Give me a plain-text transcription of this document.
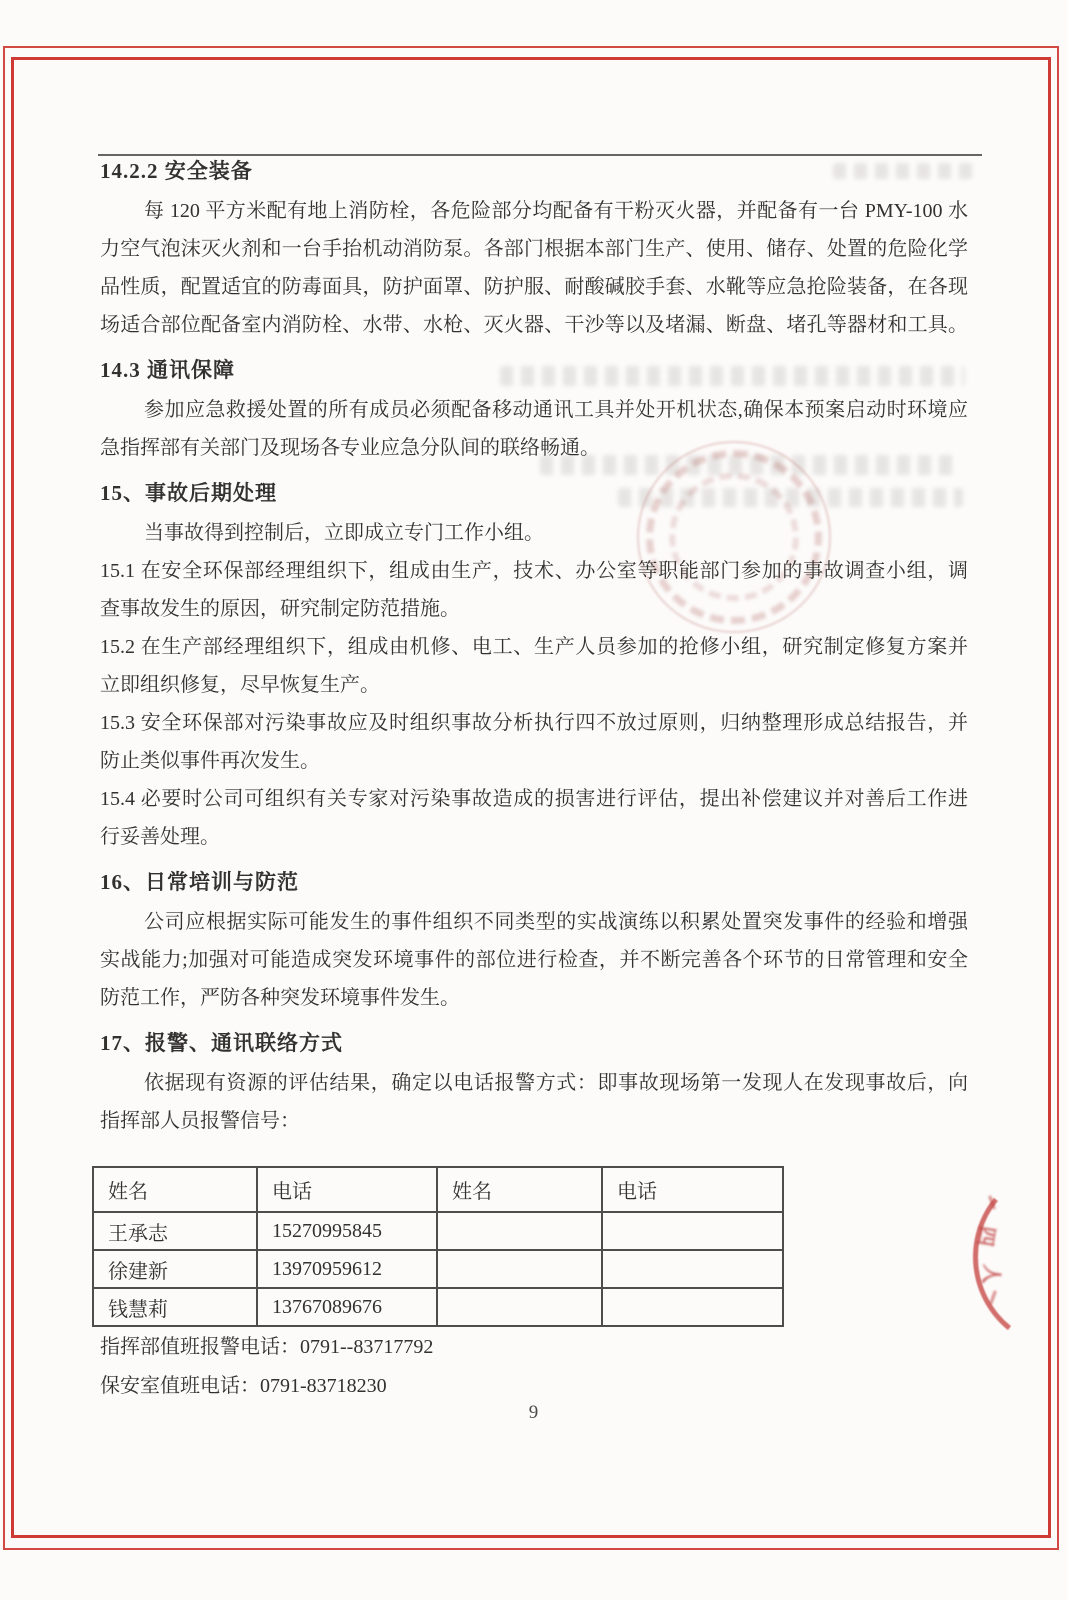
四
人
14.2.2 安全装备
每 120 平方米配有地上消防栓，各危险部分均配备有干粉灭火器，并配备有一台 PMY-100 水
力空气泡沫灭火剂和一台手抬机动消防泵。各部门根据本部门生产、使用、储存、处置的危险化学
品性质，配置适宜的防毒面具，防护面罩、防护服、耐酸碱胶手套、水靴等应急抢险装备，在各现
场适合部位配备室内消防栓、水带、水枪、灭火器、干沙等以及堵漏、断盘、堵孔等器材和工具。
14.3 通讯保障
参加应急救援处置的所有成员必须配备移动通讯工具并处开机状态,确保本预案启动时环境应
急指挥部有关部门及现场各专业应急分队间的联络畅通。
15、事故后期处理
当事故得到控制后，立即成立专门工作小组。
15.1 在安全环保部经理组织下，组成由生产，技术、办公室等职能部门参加的事故调查小组，调
查事故发生的原因，研究制定防范措施。
15.2 在生产部经理组织下，组成由机修、电工、生产人员参加的抢修小组，研究制定修复方案并
立即组织修复，尽早恢复生产。
15.3 安全环保部对污染事故应及时组织事故分析执行四不放过原则，归纳整理形成总结报告，并
防止类似事件再次发生。
15.4 必要时公司可组织有关专家对污染事故造成的损害进行评估，提出补偿建议并对善后工作进
行妥善处理。
16、日常培训与防范
公司应根据实际可能发生的事件组织不同类型的实战演练以积累处置突发事件的经验和增强
实战能力;加强对可能造成突发环境事件的部位进行检查，并不断完善各个环节的日常管理和安全
防范工作，严防各种突发环境事件发生。
17、报警、通讯联络方式
依据现有资源的评估结果，确定以电话报警方式：即事故现场第一发现人在发现事故后，向
指挥部人员报警信号：
姓名	电话	姓名	电话
王承志	15270995845		
徐建新	13970959612		
钱慧莉	13767089676		
指挥部值班报警电话：0791--83717792
保安室值班电话：0791-83718230
9
